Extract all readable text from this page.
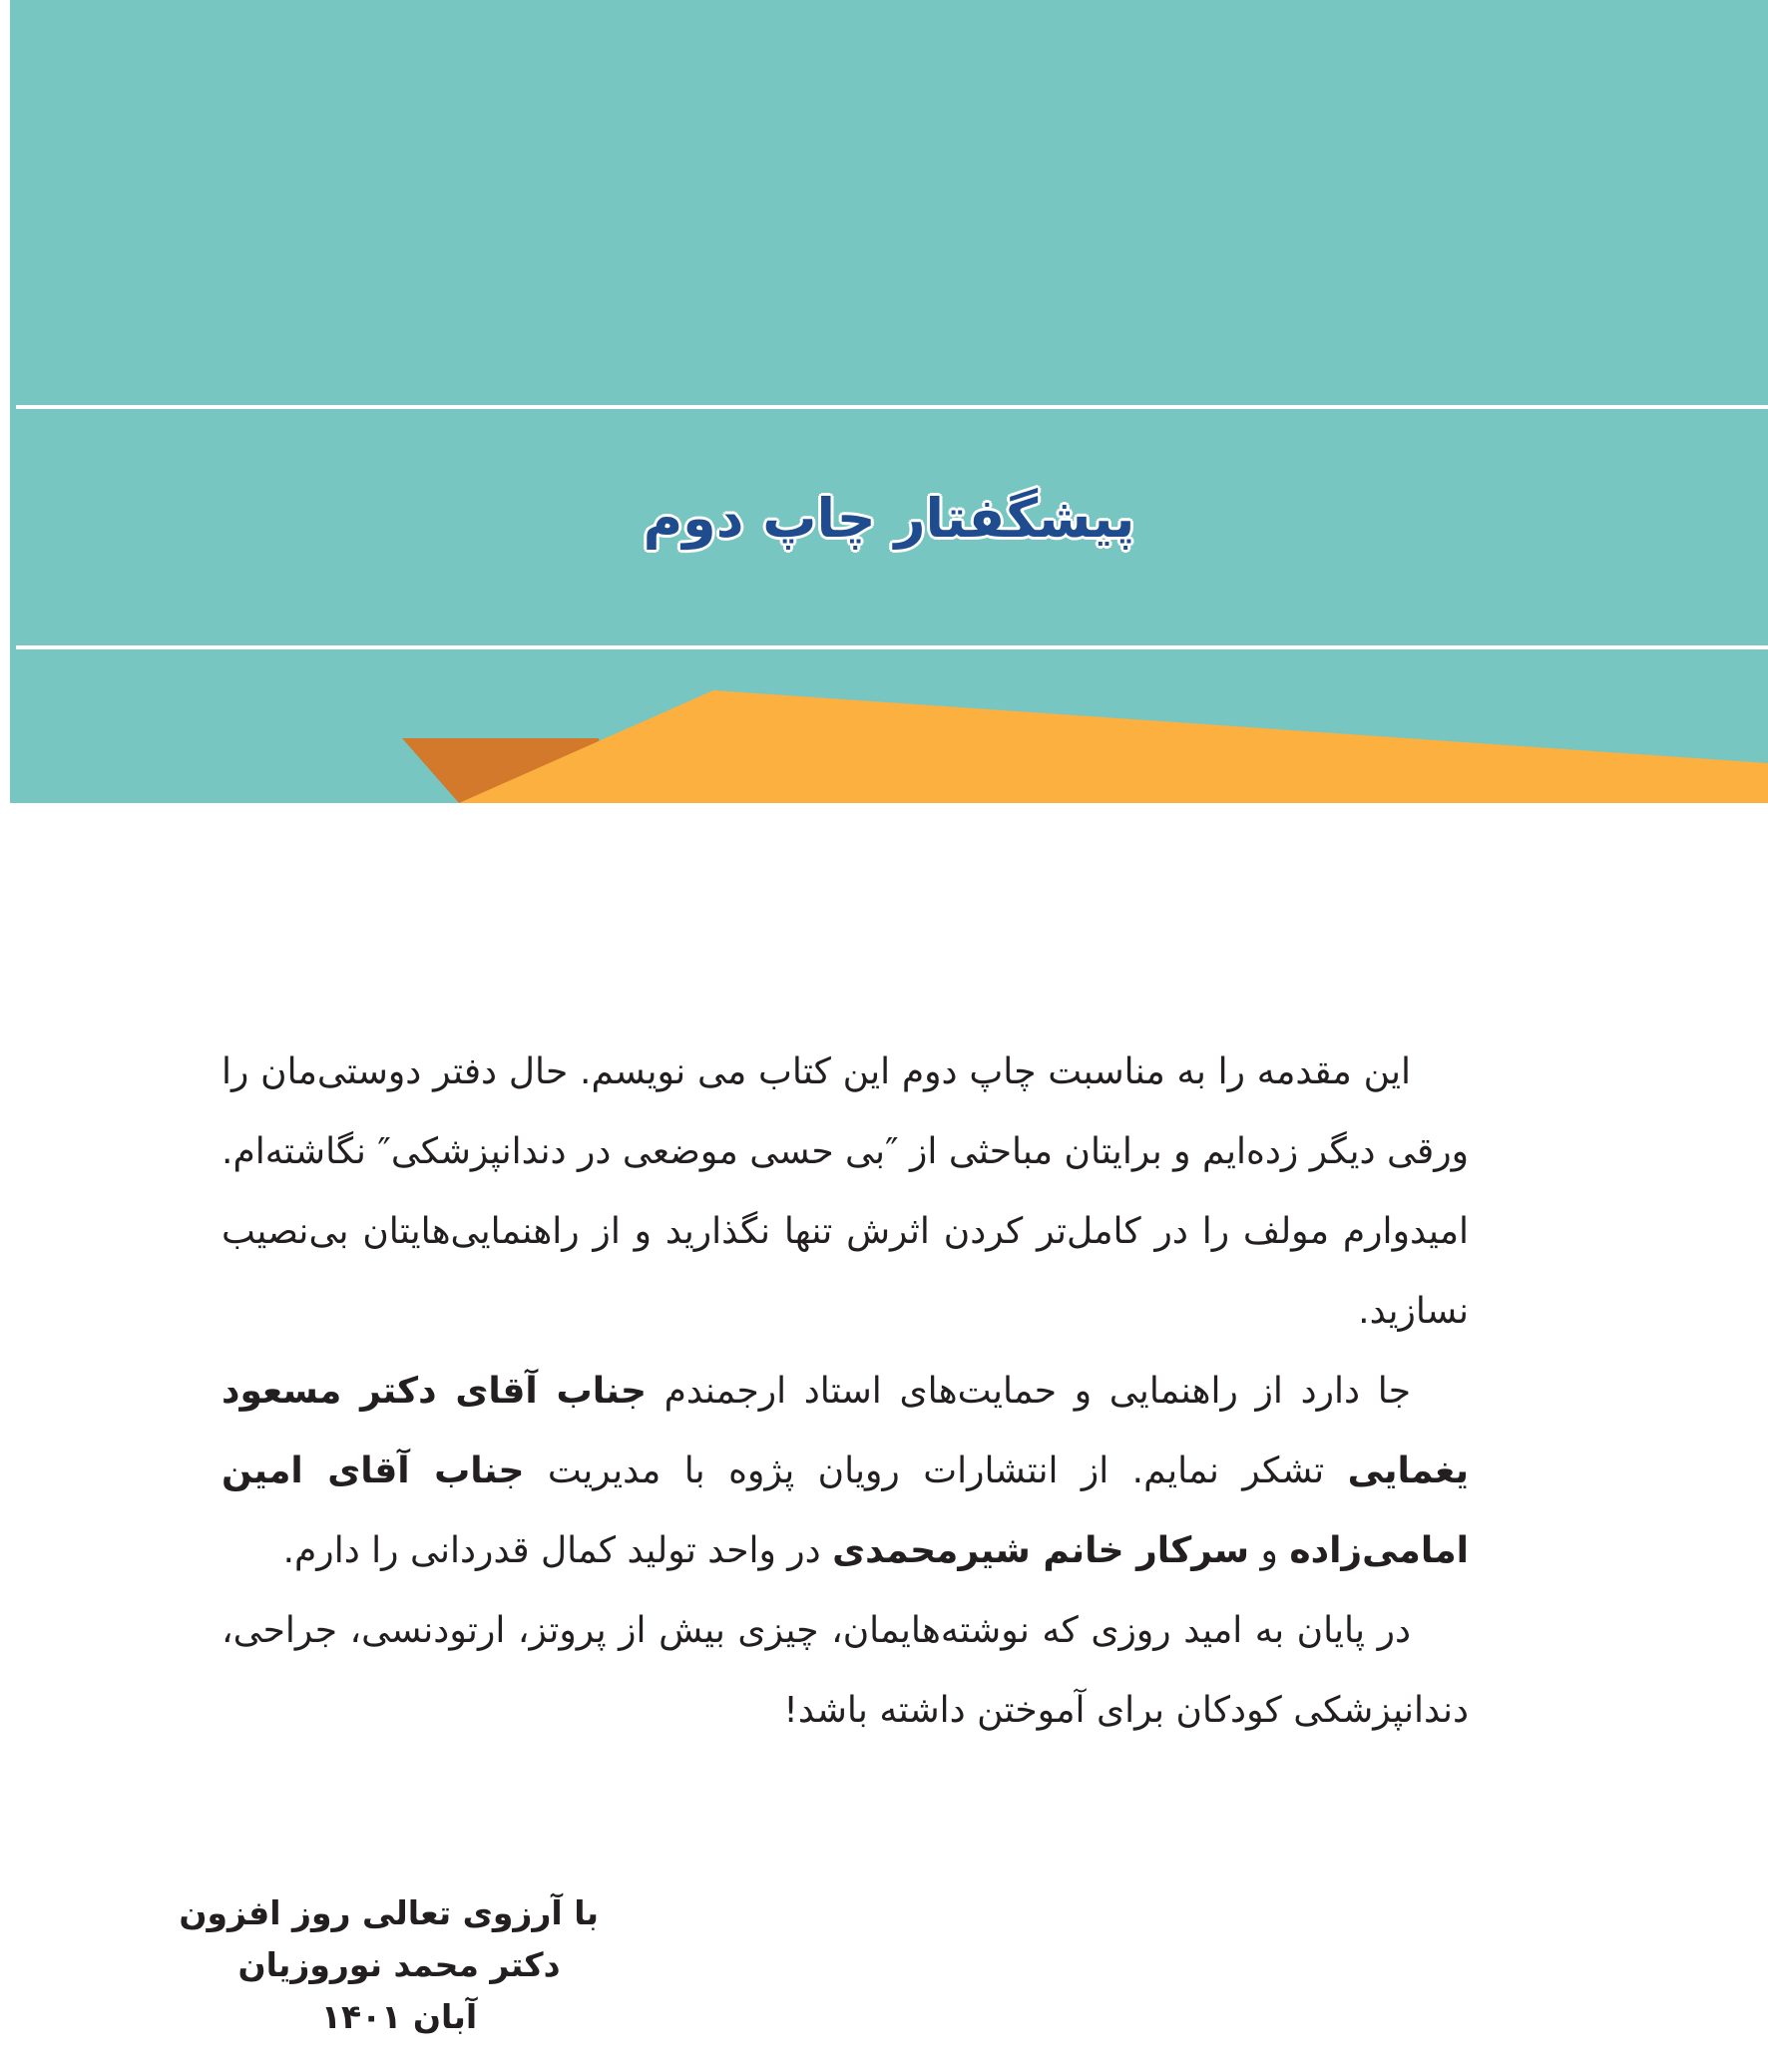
پیشگفتار چاپ دوم

این مقدمه را به مناسبت چاپ دوم این کتاب می نویسم. حال دفتر دوستی‌مان را ورقی دیگر زده‌ایم و برایتان مباحثی از ″بی حسی موضعی در دندانپزشکی″ نگاشته‌ام. امیدوارم مولف را در کامل‌تر کردن اثرش تنها نگذارید و از راهنمایی‌هایتان بی‌نصیب نسازید.

جا دارد از راهنمایی و حمایت‌های استاد ارجمندم جناب آقای دکتر مسعود یغمایی تشکر نمایم. از انتشارات رویان پژوه با مدیریت جناب آقای امین امامی‌زاده و سرکار خانم شیرمحمدی در واحد تولید کمال قدردانی را دارم.

در پایان به امید روزی که نوشته‌هایمان، چیزی بیش از پروتز، ارتودنسی، جراحی، دندانپزشکی کودکان برای آموختن داشته باشد!

با آرزوی تعالی روز افزون
دکتر محمد نوروزیان
آبان ۱۴۰۱
